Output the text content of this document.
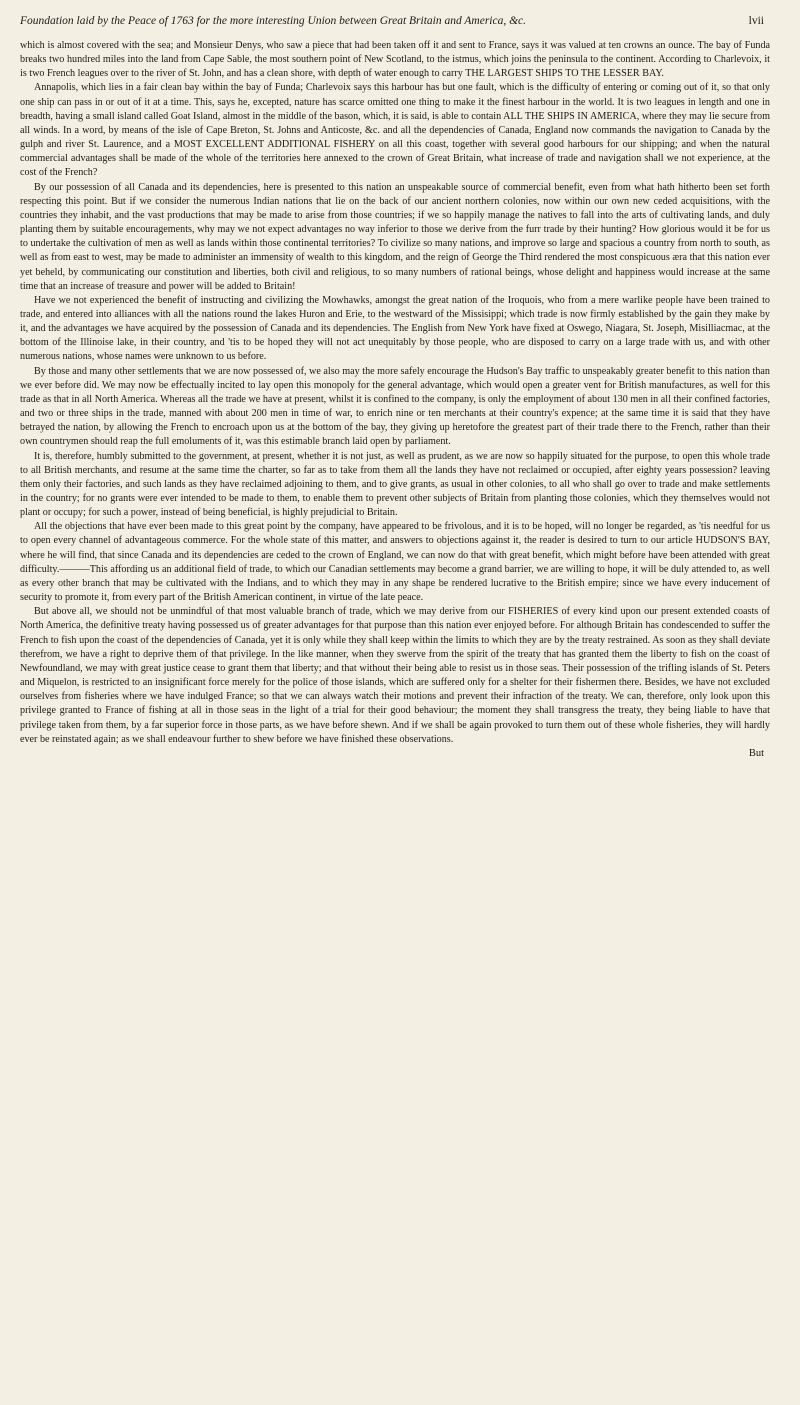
Foundation laid by the Peace of 1763 for the more interesting Union between Great Britain and America, &c.	lvii

which is almost covered with the sea; and Monsieur Denys, who saw a piece that had been taken off it and sent to France, says it was valued at ten crowns an ounce. The bay of Funda breaks two hundred miles into the land from Cape Sable, the most southern point of New Scotland, to the istmus, which joins the peninsula to the continent. According to Charlevoix, it is two French leagues over to the river of St. John, and has a clean shore, with depth of water enough to carry THE LARGEST SHIPS TO THE LESSER BAY.

Annapolis, which lies in a fair clean bay within the bay of Funda; Charlevoix says this harbour has but one fault, which is the difficulty of entering or coming out of it, so that only one ship can pass in or out of it at a time. This, says he, excepted, nature has scarce omitted one thing to make it the finest harbour in the world. It is two leagues in length and one in breadth, having a small island called Goat Island, almost in the middle of the bason, which, it is said, is able to contain ALL THE SHIPS IN AMERICA, where they may lie secure from all winds. In a word, by means of the isle of Cape Breton, St. Johns and Anticoste, &c. and all the dependencies of Canada, England now commands the navigation to Canada by the gulph and river St. Laurence, and a MOST EXCELLENT ADDITIONAL FISHERY on all this coast, together with several good harbours for our shipping; and when the natural commercial advantages shall be made of the whole of the territories here annexed to the crown of Great Britain, what increase of trade and navigation shall we not experience, at the cost of the French?

By our possession of all Canada and its dependencies, here is presented to this nation an unspeakable source of commercial benefit, even from what hath hitherto been set forth respecting this point. But if we consider the numerous Indian nations that lie on the back of our ancient northern colonies, now within our own new ceded acquisitions, with the countries they inhabit, and the vast productions that may be made to arise from those countries; if we so happily manage the natives to fall into the arts of cultivating lands, and duly planting them by suitable encouragements, why may we not expect advantages no way inferior to those we derive from the furr trade by their hunting? How glorious would it be for us to undertake the cultivation of men as well as lands within those continental territories? To civilize so many nations, and improve so large and spacious a country from north to south, as well as from east to west, may be made to administer an immensity of wealth to this kingdom, and the reign of George the Third rendered the most conspicuous æra that this nation ever yet beheld, by communicating our constitution and liberties, both civil and religious, to so many numbers of rational beings, whose delight and happiness would increase at the same time that an increase of treasure and power will be added to Britain!

Have we not experienced the benefit of instructing and civilizing the Mowhawks, amongst the great nation of the Iroquois, who from a mere warlike people have been trained to trade, and entered into alliances with all the nations round the lakes Huron and Erie, to the westward of the Missisippi; which trade is now firmly established by the gain they make by it, and the advantages we have acquired by the possession of Canada and its dependencies. The English from New York have fixed at Oswego, Niagara, St. Joseph, Misilliacmac, at the bottom of the Illinoise lake, in their country, and 'tis to be hoped they will not act unequitably by those people, who are disposed to carry on a large trade with us, and with other numerous nations, whose names were unknown to us before.

By those and many other settlements that we are now possessed of, we also may the more safely encourage the Hudson's Bay traffic to unspeakably greater benefit to this nation than we ever before did. We may now be effectually incited to lay open this monopoly for the general advantage, which would open a greater vent for British manufactures, as well for this trade as that in all North America. Whereas all the trade we have at present, whilst it is confined to the company, is only the employment of about 130 men in all their confined factories, and two or three ships in the trade, manned with about 200 men in time of war, to enrich nine or ten merchants at their country's expence; at the same time it is said that they have betrayed the nation, by allowing the French to encroach upon us at the bottom of the bay, they giving up heretofore the greatest part of their trade there to the French, rather than their own countrymen should reap the full emoluments of it, was this estimable branch laid open by parliament.

It is, therefore, humbly submitted to the government, at present, whether it is not just, as well as prudent, as we are now so happily situated for the purpose, to open this whole trade to all British merchants, and resume at the same time the charter, so far as to take from them all the lands they have not reclaimed or occupied, after eighty years possession? leaving them only their factories, and such lands as they have reclaimed adjoining to them, and to give grants, as usual in other colonies, to all who shall go over to trade and make settlements in the country; for no grants were ever intended to be made to them, to enable them to prevent other subjects of Britain from planting those colonies, which they themselves would not plant or occupy; for such a power, instead of being beneficial, is highly prejudicial to Britain.

All the objections that have ever been made to this great point by the company, have appeared to be frivolous, and it is to be hoped, will no longer be regarded, as 'tis needful for us to open every channel of advantageous commerce. For the whole state of this matter, and answers to objections against it, the reader is desired to turn to our article HUDSON'S BAY, where he will find, that since Canada and its dependencies are ceded to the crown of England, we can now do that with great benefit, which might before have been attended with great difficulty.———This affording us an additional field of trade, to which our Canadian settlements may become a grand barrier, we are willing to hope, it will be duly attended to, as well as every other branch that may be cultivated with the Indians, and to which they may in any shape be rendered lucrative to the British empire; since we have every inducement of security to promote it, from every part of the British American continent, in virtue of the late peace.

But above all, we should not be unmindful of that most valuable branch of trade, which we may derive from our FISHERIES of every kind upon our present extended coasts of North America, the definitive treaty having possessed us of greater advantages for that purpose than this nation ever enjoyed before. For although Britain has condescended to suffer the French to fish upon the coast of the dependencies of Canada, yet it is only while they shall keep within the limits to which they are by the treaty restrained. As soon as they shall deviate therefrom, we have a right to deprive them of that privilege. In the like manner, when they swerve from the spirit of the treaty that has granted them the liberty to fish on the coast of Newfoundland, we may with great justice cease to grant them that liberty; and that without their being able to resist us in those seas. Their possession of the trifling islands of St. Peters and Miquelon, is restricted to an insignificant force merely for the police of those islands, which are suffered only for a shelter for their fishermen there. Besides, we have not excluded ourselves from fisheries where we have indulged France; so that we can always watch their motions and prevent their infraction of the treaty. We can, therefore, only look upon this privilege granted to France of fishing at all in those seas in the light of a trial for their good behaviour; the moment they shall transgress the treaty, they being liable to have that privilege taken from them, by a far superior force in those parts, as we have before shewn. And if we shall be again provoked to turn them out of these whole fisheries, they will hardly ever be reinstated again; as we shall endeavour further to shew before we have finished these observations.

But
